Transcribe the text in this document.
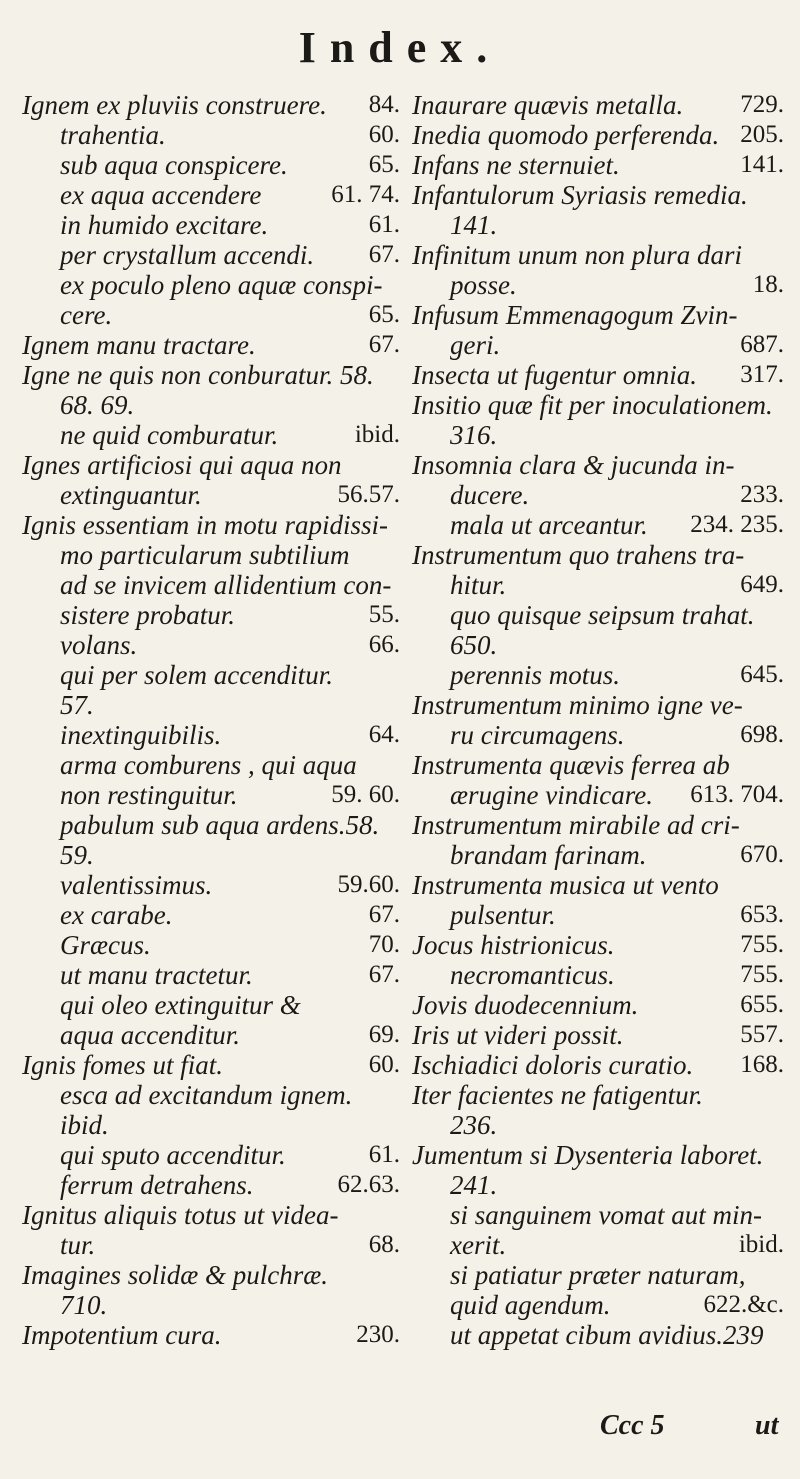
Index.
Ignem ex pluviis construere. 84.
trahentia.	60.
sub aqua conspicere.	65.
ex aqua accendere	61. 74.
in humido excitare.	61.
per crystallum accendi. 67.
ex poculo pleno aquæ conspi-
cere.	65.
Ignem manu tractare.	67.
Igne ne quis non conburatur. 58.
68. 69.
ne quid comburatur.	ibid.
Ignes artificiosi qui aqua non
extinguantur.	56.57.
Ignis essentiam in motu rapidissi-
mo particularum subtilium
ad se invicem allidentium con-
sistere probatur.	55.
volans.	66.
qui per solem accenditur.
57.
inextinguibilis.	64.
arma comburens , qui aqua
non restinguitur.	59. 60.
pabulum sub aqua ardens.58.
59.
valentissimus.	59.60.
ex carabe.	67.
Græcus.	70.
ut manu tractetur.	67.
qui oleo extinguitur &
aqua accenditur.	69.
Ignis fomes ut fiat.	60.
esca ad excitandum ignem.
ibid.
qui sputo accenditur.	61.
ferrum detrahens.	62.63.
Ignitus aliquis totus ut videa-
tur.	68.
Imagines solidæ & pulchræ.
710.
Impotentium cura.	230.
Inaurare quævis metalla. 729.
Inedia quomodo perferenda. 205.
Infans ne sternuiet.	141.
Infantulorum Syriasis remedia.
141.
Infinitum unum non plura dari
posse.	18.
Infusum Emmenagogum Zvin-
geri.	687.
Insecta ut fugentur omnia. 317.
Insitio quæ fit per inoculationem.
316.
Insomnia clara & jucunda in-
ducere.	233.
mala ut arceantur. 234. 235.
Instrumentum quo trahens tra-
hitur.	649.
quo quisque seipsum trahat.
650.
perennis motus.	645.
Instrumentum minimo igne ve-
ru circumagens.	698.
Instrumenta quævis ferrea ab
ærugine vindicare. 613. 704.
Instrumentum mirabile ad cri-
brandam farinam.	670.
Instrumenta musica ut vento
pulsentur.	653.
Jocus histrionicus.	755.
necromanticus.	755.
Jovis duodecennium.	655.
Iris ut videri possit.	557.
Ischiadici doloris curatio. 168.
Iter facientes ne fatigentur.
236.
Jumentum si Dysenteria laboret.
241.
si sanguinem vomat aut min-
xerit.	ibid.
si patiatur præter naturam,
quid agendum.	622.&c.
ut appetat cibum avidius.239
Ccc 5	ut
